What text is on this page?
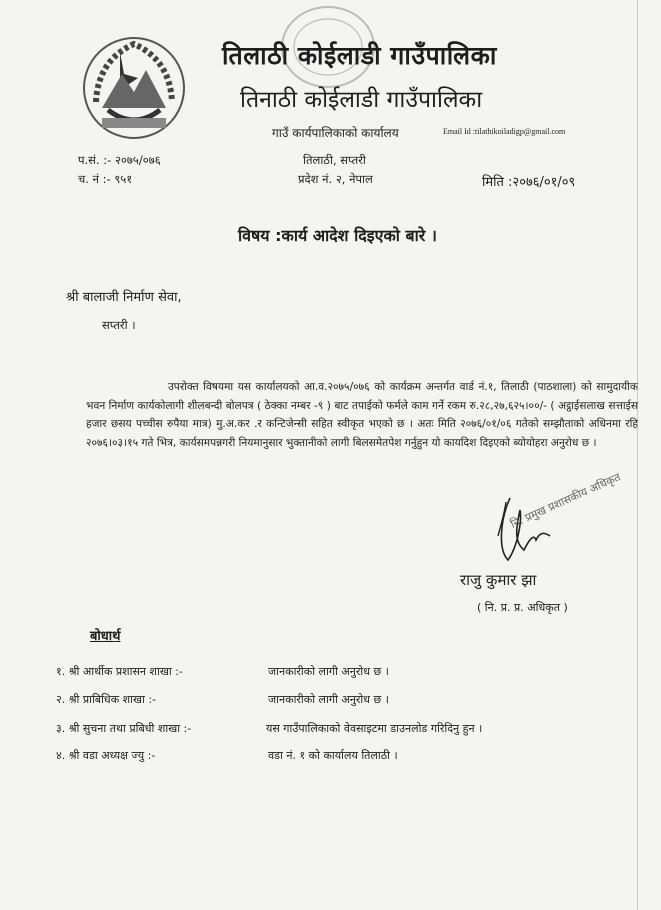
तिलाठी कोईलाडी गाउँपालिका
तिनाठी कोईलाडी गाउँपालिका
गाउँ कार्यपालिकाको कार्यालय	Email Id :tilathikoiladigp@gmail.com
प.सं. :- २०७५/०७६
च. नं :- ९५१
तिलाठी, सप्तरी
प्रदेश नं. २, नेपाल	मिति :२०७६/०१/०९
विषय :कार्य आदेश दिइएको बारे ।
श्री बालाजी निर्माण सेवा,
सप्तरी ।

उपरोक्त विषयमा यस कार्यालयको आ.व.२०७५/०७६ को कार्यक्रम अन्तर्गत वार्ड नं.१, तिलाठी (पाठशाला) को सामुदायीक भवन निर्माण कार्यकोलागी शीलबन्दी बोलपत्र ( ठेक्का नम्बर -९ ) बाट तपाईको फर्मले काम गर्ने रकम रु.२८,२७,६२५।००/- ( अट्ठाईसलाख सत्ताईस हजार छसय पच्चीस रुपैया मात्र) मु.अ.कर .र कन्टिजेन्सी सहित स्वीकृत भएको छ । अतः मिति २०७६/०१/०६ गतेको सम्झौताको अधिनमा रहि २०७६।०३।१५ गते भित्र, कार्यसमपन्नगरी नियमानुसार भुक्तानीको लागी बिलसमेतपेश गर्नुहुन यो कायदिश दिइएको ब्योयोहरा अनुरोध छ ।

नि. प्रमुख प्रशासकीय अधिकृत
राजु कुमार झा
( नि. प्र. प्र. अधिकृत )
बोधार्थ
१. श्री आर्थीक प्रशासन शाखा :-	जानकारीको लागी अनुरोध छ ।
२. श्री प्राबिधिक शाखा :-	जानकारीको लागी अनुरोध छ ।
३. श्री सुचना तथा प्रबिधी शाखा :-	यस गाउँपालिकाको वेवसाइटमा डाउनलोड गरिदिनु हुन ।
४. श्री वडा अध्यक्ष ज्यु :-	वडा नं. १ को कार्यालय तिलाठी ।
